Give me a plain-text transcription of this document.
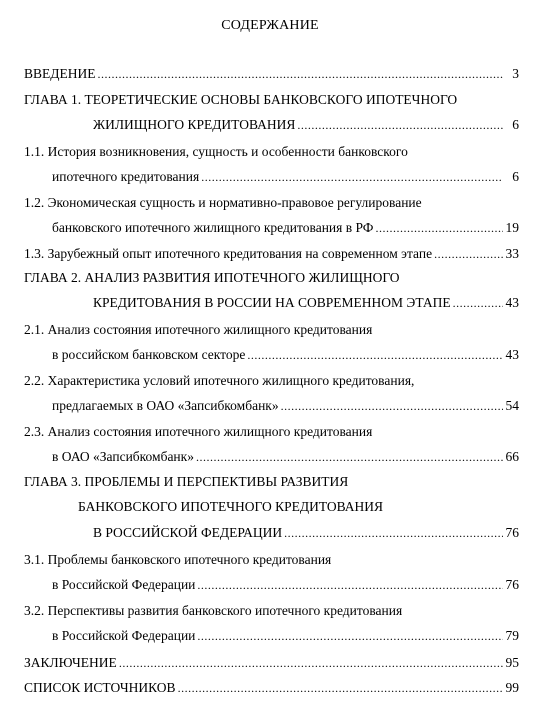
СОДЕРЖАНИЕ
ВВЕДЕНИЕ .....	3
ГЛАВА 1. ТЕОРЕТИЧЕСКИЕ ОСНОВЫ БАНКОВСКОГО ИПОТЕЧНОГО
ЖИЛИЩНОГО КРЕДИТОВАНИЯ .....	6
1.1. История возникновения, сущность и особенности банковского
ипотечного кредитования .....	6
1.2. Экономическая сущность и нормативно-правовое регулирование
банковского ипотечного жилищного кредитования в РФ .....	19
1.3. Зарубежный опыт ипотечного кредитования на современном этапе .....	33
ГЛАВА 2. АНАЛИЗ РАЗВИТИЯ ИПОТЕЧНОГО ЖИЛИЩНОГО
КРЕДИТОВАНИЯ В РОССИИ НА СОВРЕМЕННОМ ЭТАПЕ .....	43
2.1. Анализ состояния ипотечного жилищного кредитования
в российском банковском секторе .....	43
2.2. Характеристика условий ипотечного жилищного кредитования,
предлагаемых в ОАО «Запсибкомбанк» .....	54
2.3. Анализ состояния ипотечного жилищного кредитования
в ОАО «Запсибкомбанк» .....	66
ГЛАВА 3. ПРОБЛЕМЫ И ПЕРСПЕКТИВЫ РАЗВИТИЯ
БАНКОВСКОГО ИПОТЕЧНОГО КРЕДИТОВАНИЯ
В РОССИЙСКОЙ ФЕДЕРАЦИИ .....	76
3.1. Проблемы банковского ипотечного кредитования
в Российской Федерации .....	76
3.2. Перспективы развития банковского ипотечного кредитования
в Российской Федерации .....	79
ЗАКЛЮЧЕНИЕ .....	95
СПИСОК ИСТОЧНИКОВ .....	99
